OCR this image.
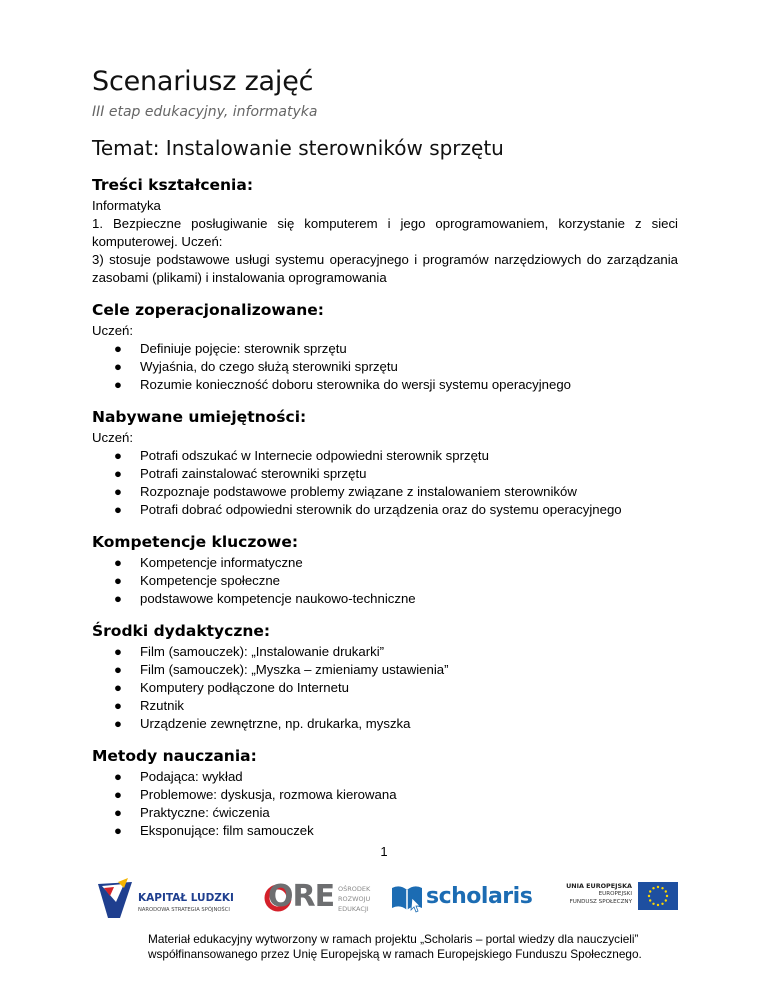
Scenariusz zajęć
III etap edukacyjny, informatyka
Temat: Instalowanie sterowników sprzętu
Treści kształcenia:

Informatyka

1. Bezpieczne posługiwanie się komputerem i jego oprogramowaniem, korzystanie z sieci komputerowej. Uczeń:

3) stosuje podstawowe usługi systemu operacyjnego i programów narzędziowych do zarządzania zasobami (plikami) i instalowania oprogramowania

Cele zoperacjonalizowane:

Uczeń:

● Definiuje pojęcie: sterownik sprzętu
● Wyjaśnia, do czego służą sterowniki sprzętu
● Rozumie konieczność doboru sterownika do wersji systemu operacyjnego
Nabywane umiejętności:

Uczeń:

● Potrafi odszukać w Internecie odpowiedni sterownik sprzętu
● Potrafi zainstalować sterowniki sprzętu
● Rozpoznaje podstawowe problemy związane z instalowaniem sterowników
● Potrafi dobrać odpowiedni sterownik do urządzenia oraz do systemu operacyjnego
Kompetencje kluczowe:
● Kompetencje informatyczne
● Kompetencje społeczne
● podstawowe kompetencje naukowo-techniczne
Środki dydaktyczne:
● Film (samouczek): „Instalowanie drukarki”
● Film (samouczek): „Myszka – zmieniamy ustawienia”
● Komputery podłączone do Internetu
● Rzutnik
● Urządzenie zewnętrzne, np. drukarka, myszka
Metody nauczania:
● Podająca: wykład
● Problemowe: dyskusja, rozmowa kierowana
● Praktyczne: ćwiczenia
● Eksponujące: film samouczek
1
KAPITAŁ LUDZKI
NARODOWA STRATEGIA SPÓJNOŚCI ORE OŚRODEK
ROZWOJU
EDUKACJI	scholaris	UNIA EUROPEJSKA
EUROPEJSKI
FUNDUSZ SPOŁECZNY
Materiał edukacyjny wytworzony w ramach projektu „Scholaris – portal wiedzy dla nauczycieli”
współfinansowanego przez Unię Europejską w ramach Europejskiego Funduszu Społecznego.
